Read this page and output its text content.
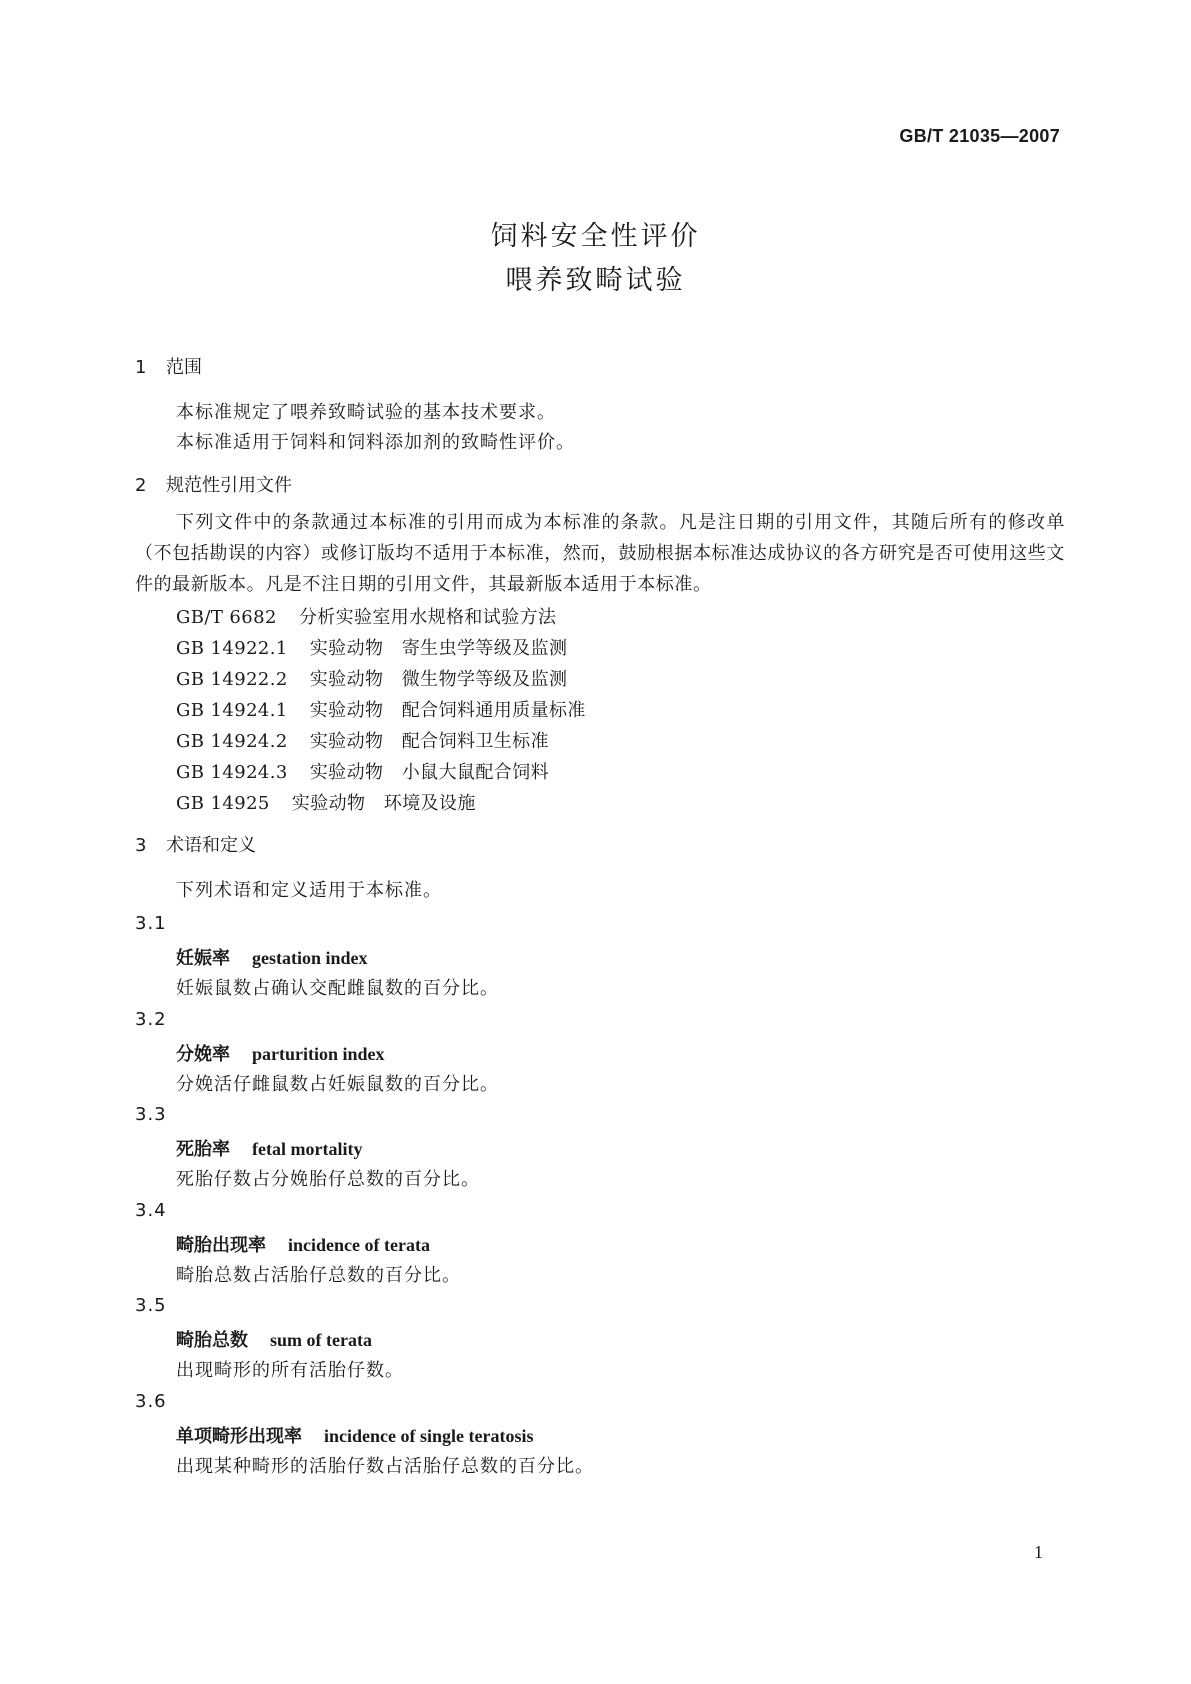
GB/T 21035—2007
饲料安全性评价
喂养致畸试验
1 范围
本标准规定了喂养致畸试验的基本技术要求。
本标准适用于饲料和饲料添加剂的致畸性评价。
2 规范性引用文件
下列文件中的条款通过本标准的引用而成为本标准的条款。凡是注日期的引用文件，其随后所有的修改单（不包括勘误的内容）或修订版均不适用于本标准，然而，鼓励根据本标准达成协议的各方研究是否可使用这些文件的最新版本。凡是不注日期的引用文件，其最新版本适用于本标准。
GB/T 6682 分析实验室用水规格和试验方法
GB 14922.1 实验动物　寄生虫学等级及监测
GB 14922.2 实验动物　微生物学等级及监测
GB 14924.1 实验动物　配合饲料通用质量标准
GB 14924.2 实验动物　配合饲料卫生标准
GB 14924.3 实验动物　小鼠大鼠配合饲料
GB 14925 实验动物　环境及设施
3 术语和定义
下列术语和定义适用于本标准。
3.1
妊娠率 gestation index
妊娠鼠数占确认交配雌鼠数的百分比。
3.2
分娩率 parturition index
分娩活仔雌鼠数占妊娠鼠数的百分比。
3.3
死胎率 fetal mortality
死胎仔数占分娩胎仔总数的百分比。
3.4
畸胎出现率 incidence of terata
畸胎总数占活胎仔总数的百分比。
3.5
畸胎总数 sum of terata
出现畸形的所有活胎仔数。
3.6
单项畸形出现率 incidence of single teratosis
出现某种畸形的活胎仔数占活胎仔总数的百分比。
1
